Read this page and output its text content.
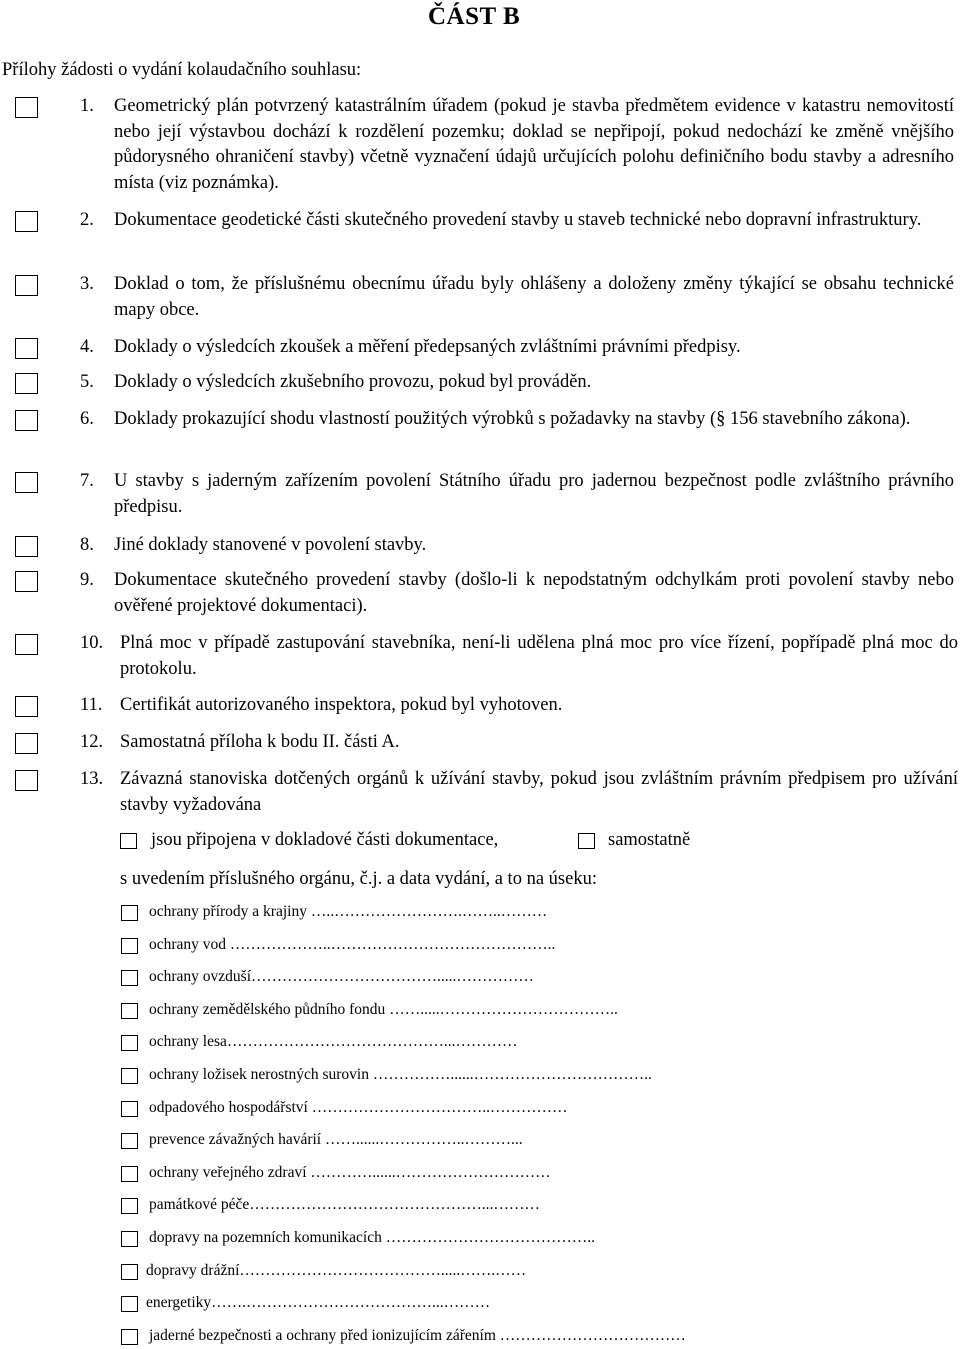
ČÁST B
Přílohy žádosti o vydání kolaudačního souhlasu:
1. Geometrický plán potvrzený katastrálním úřadem (pokud je stavba předmětem evidence v katastru nemovitostí nebo její výstavbou dochází k rozdělení pozemku; doklad se nepřipojí, pokud nedochází ke změně vnějšího půdorysného ohraničení stavby) včetně vyznačení údajů určujících polohu definičního bodu stavby a adresního místa (viz poznámka).
2. Dokumentace geodetické části skutečného provedení stavby u staveb technické nebo dopravní infrastruktury.
3. Doklad o tom, že příslušnému obecnímu úřadu byly ohlášeny a doloženy změny týkající se obsahu technické mapy obce.
4. Doklady o výsledcích zkoušek a měření předepsaných zvláštními právními předpisy.
5. Doklady o výsledcích zkušebního provozu, pokud byl prováděn.
6. Doklady prokazující shodu vlastností použitých výrobků s požadavky na stavby (§ 156 stavebního zákona).
7. U stavby s jaderným zařízením povolení Státního úřadu pro jadernou bezpečnost podle zvláštního právního předpisu.
8. Jiné doklady stanovené v povolení stavby.
9. Dokumentace skutečného provedení stavby (došlo-li k nepodstatným odchylkám proti povolení stavby nebo ověřené projektové dokumentaci).
10. Plná moc v případě zastupování stavebníka, není-li udělena plná moc pro více řízení, popřípadě plná moc do protokolu.
11. Certifikát autorizovaného inspektora, pokud byl vyhotoven.
12. Samostatná příloha k bodu II. části A.
13. Závazná stanoviska dotčených orgánů k užívání stavby, pokud jsou zvláštním právním předpisem pro užívání stavby vyžadována
jsou připojena v dokladové části dokumentace,	samostatně
s uvedením příslušného orgánu, č.j. a data vydání, a to na úseku:
ochrany přírody a krajiny …..…………………….……..………
ochrany vod ………………..……………………………………..
ochrany ovzduší……………………………….....……………
ochrany zemědělského půdního fondu …….....……………………………..
ochrany lesa……………………………………...…………
ochrany ložisek nerostných surovin ……………......……………………………..
odpadového hospodářství ……………………………..……………
prevence závažných havárií ……......……………..………...
ochrany veřejného zdraví …………......…………………………
památkové péče………………………………………...………
dopravy na pozemních komunikacích …………………………………..
dopravy drážní………………………………….....…….……
energetiky…….………………………………...………
jaderné bezpečnosti a ochrany před ionizujícím zářením ………………………………
